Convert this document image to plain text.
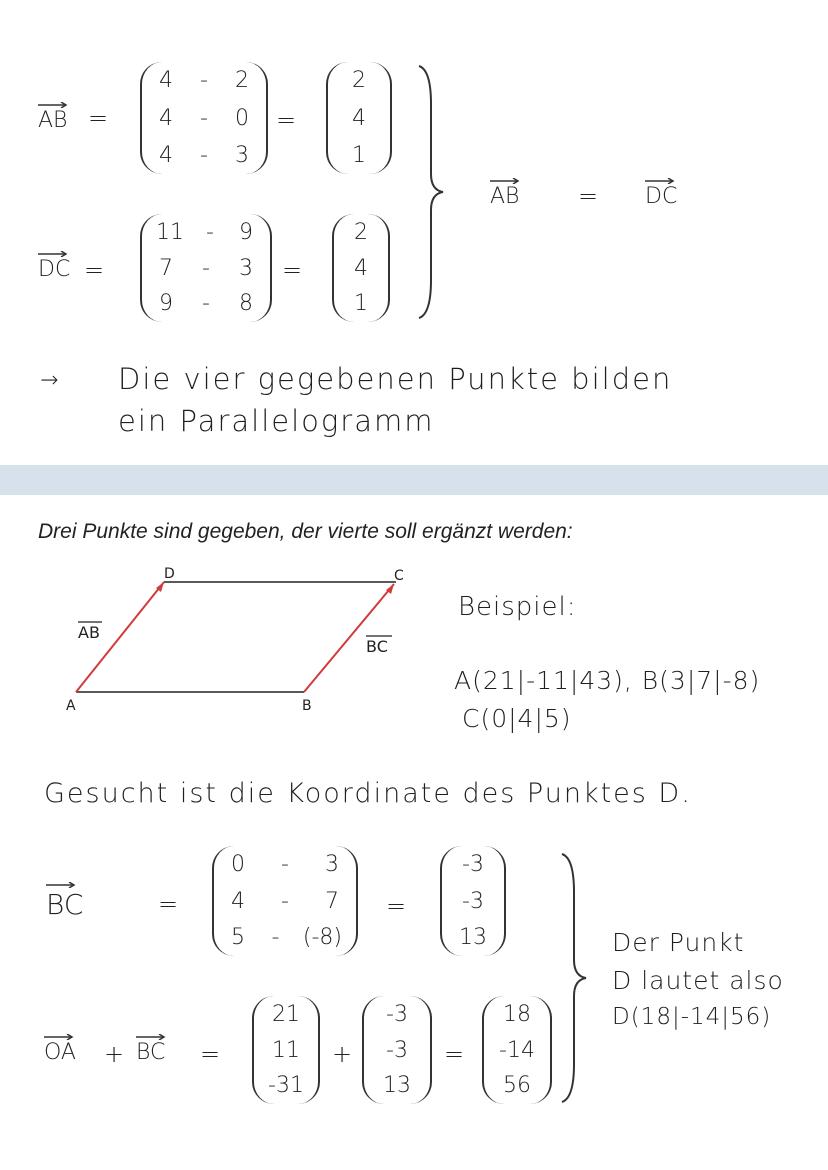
AB =
4 - 2
4 - 0
4 - 3
=
2
4
1
DC =
11 - 9
7 - 3
9 - 8
=
2
4
1
AB = DC
→ Die vier gegebenen Punkte bilden
ein Parallelogramm
Drei Punkte sind gegeben, der vierte soll ergänzt werden:
D	C
A	B
AB
BC
Beispiel:
A(21|-11|43), B(3|7|-8)
C(0|4|5)
Gesucht ist die Koordinate des Punktes D.
BC	=
0 - 3
4 - 7
5 - (-8)
=
-3
-3
13	Der Punkt
D lautet also
D(18|-14|56)
OA + BC =
21
11
-31
+
-3
-3
13
=
18
-14
56
